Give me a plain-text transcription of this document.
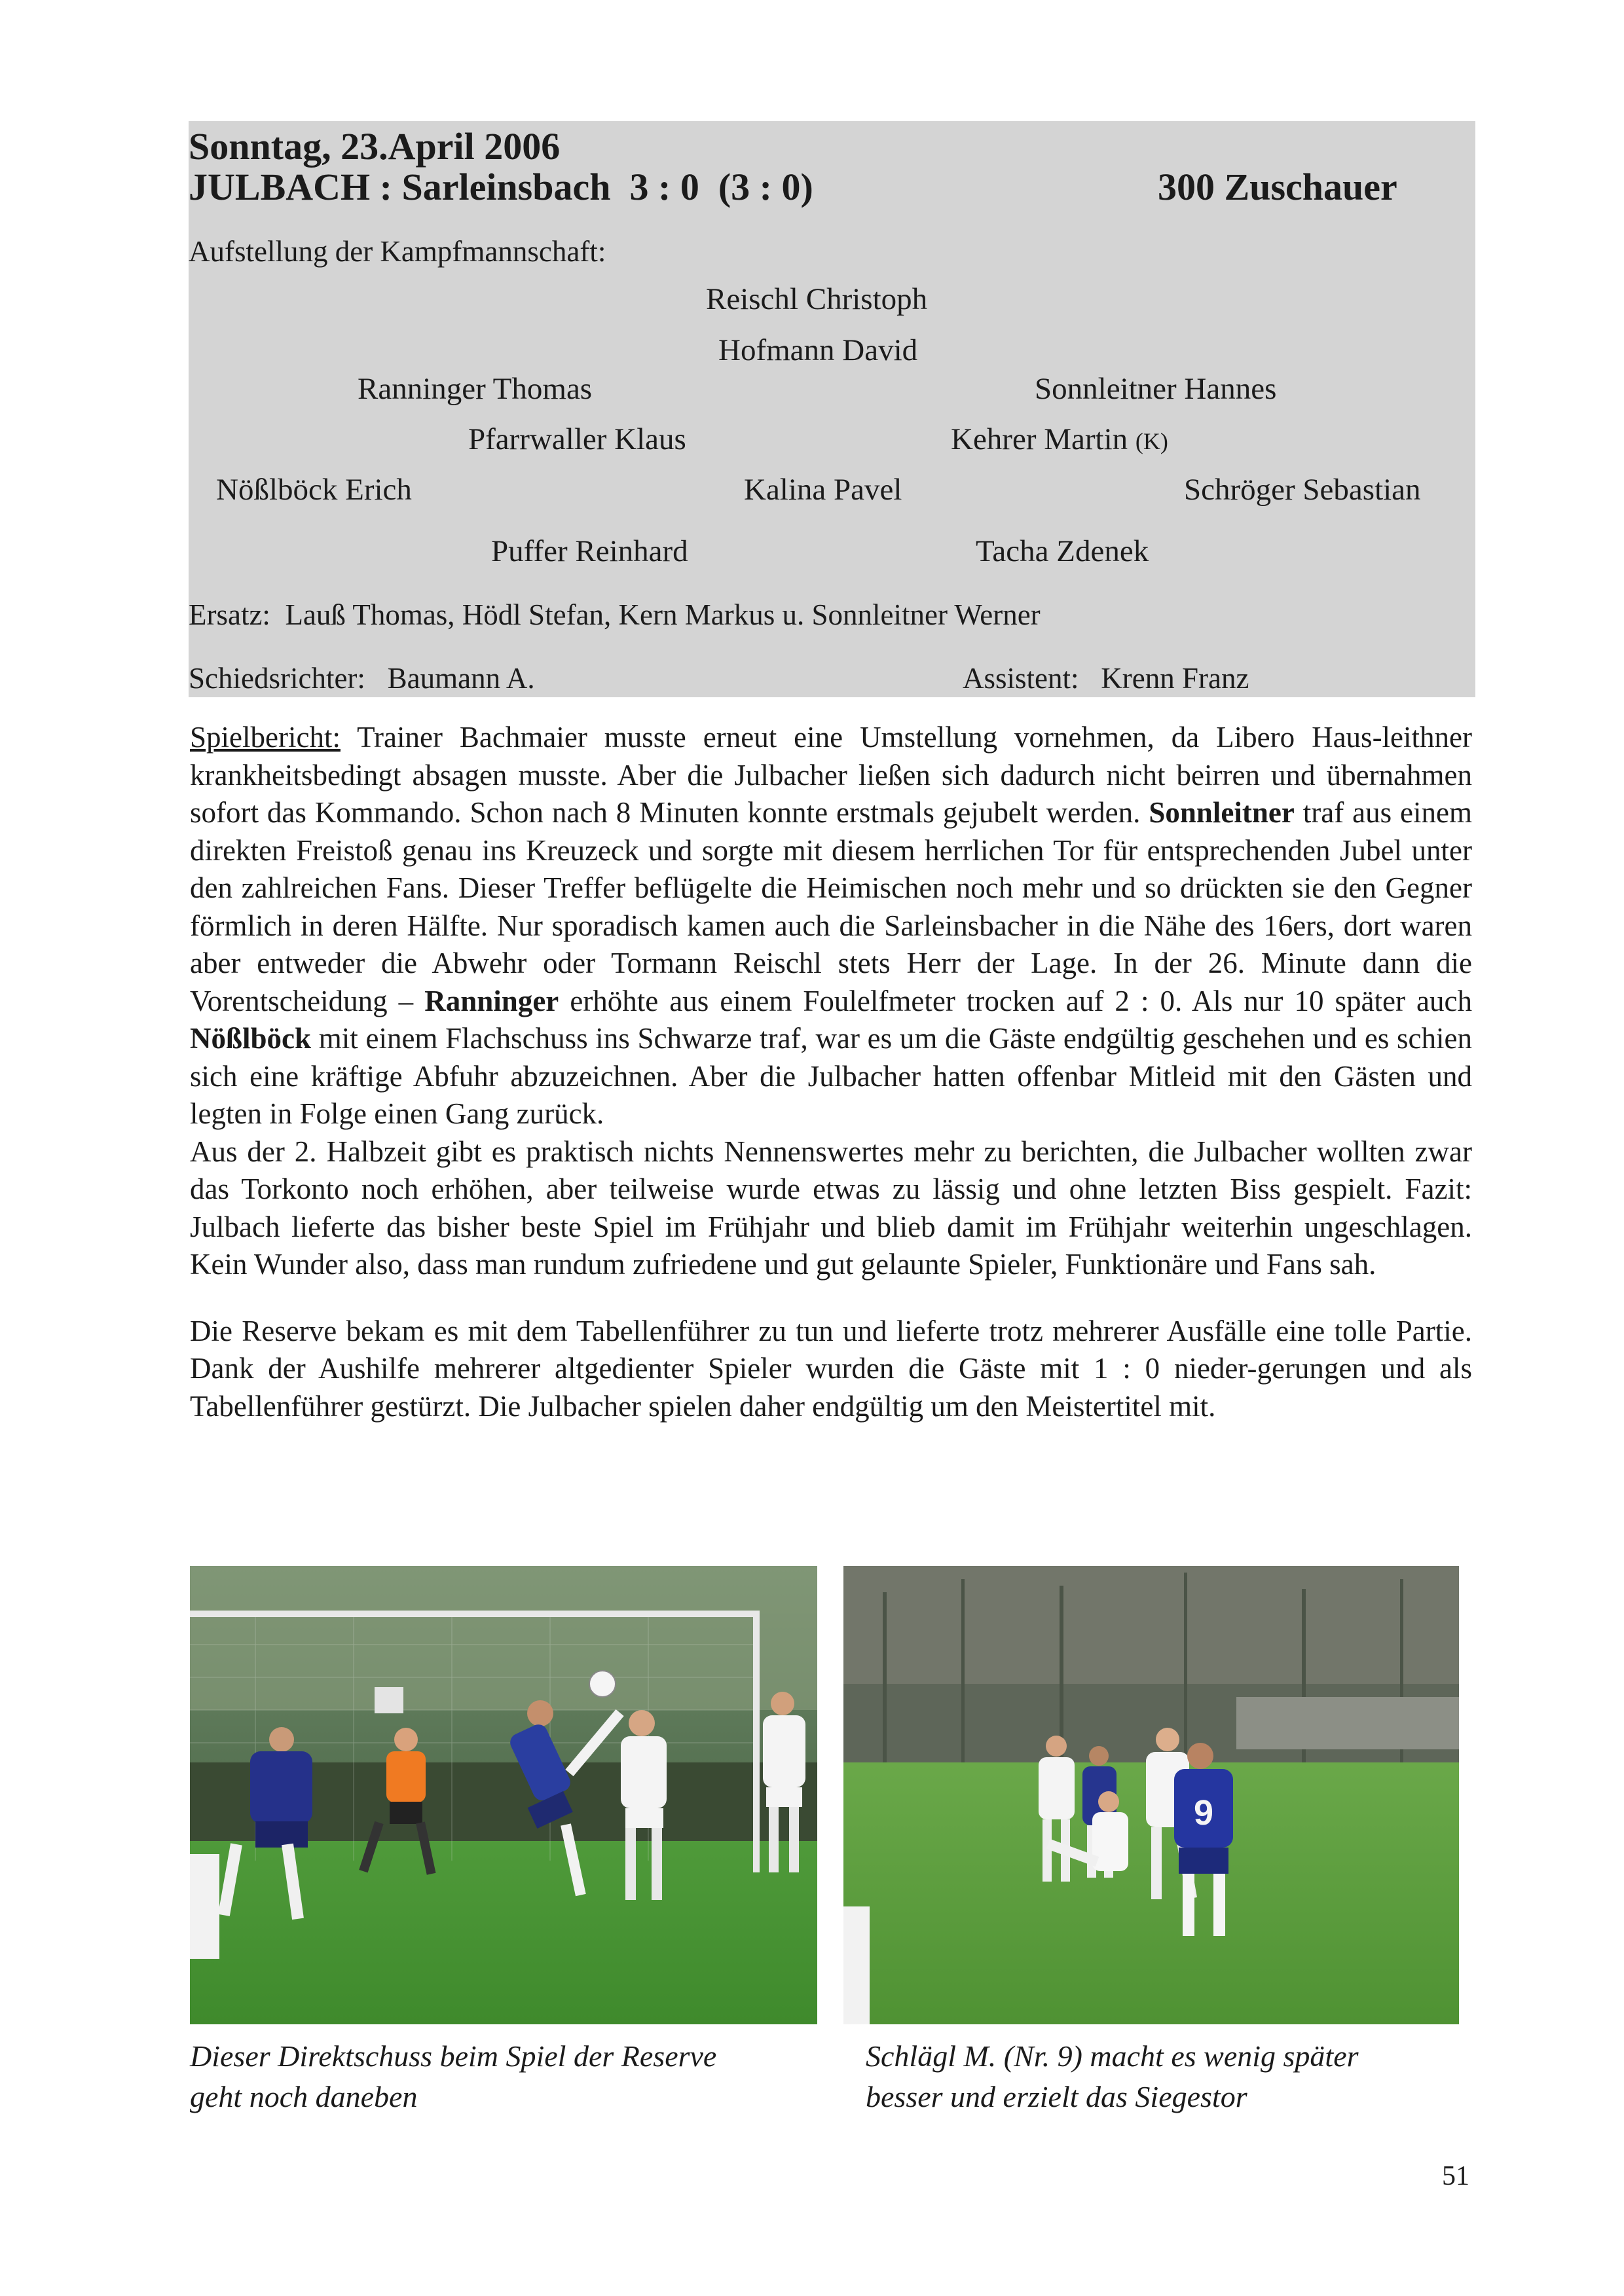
Sonntag, 23.April 2006
JULBACH : Sarleinsbach 3 : 0 (3 : 0)	300 Zuschauer
Aufstellung der Kampfmannschaft:
Reischl Christoph
Hofmann David
Ranninger Thomas	Sonnleitner Hannes
Pfarrwaller Klaus	Kehrer Martin (K)
Nößlböck Erich	Kalina Pavel	Schröger Sebastian
Puffer Reinhard	Tacha Zdenek
Ersatz: Lauß Thomas, Hödl Stefan, Kern Markus u. Sonnleitner Werner
Schiedsrichter: Baumann A.	Assistent: Krenn Franz

Spielbericht: Trainer Bachmaier musste erneut eine Umstellung vornehmen, da Libero Haus-leithner krankheitsbedingt absagen musste. Aber die Julbacher ließen sich dadurch nicht beirren und übernahmen sofort das Kommando. Schon nach 8 Minuten konnte erstmals gejubelt werden. Sonnleitner traf aus einem direkten Freistoß genau ins Kreuzeck und sorgte mit diesem herrlichen Tor für entsprechenden Jubel unter den zahlreichen Fans. Dieser Treffer beflügelte die Heimischen noch mehr und so drückten sie den Gegner förmlich in deren Hälfte. Nur sporadisch kamen auch die Sarleinsbacher in die Nähe des 16ers, dort waren aber entweder die Abwehr oder Tormann Reischl stets Herr der Lage. In der 26. Minute dann die Vorentscheidung – Ranninger erhöhte aus einem Foulelfmeter trocken auf 2 : 0. Als nur 10 später auch Nößlböck mit einem Flachschuss ins Schwarze traf, war es um die Gäste endgültig geschehen und es schien sich eine kräftige Abfuhr abzuzeichnen. Aber die Julbacher hatten offenbar Mitleid mit den Gästen und legten in Folge einen Gang zurück.

Aus der 2. Halbzeit gibt es praktisch nichts Nennenswertes mehr zu berichten, die Julbacher wollten zwar das Torkonto noch erhöhen, aber teilweise wurde etwas zu lässig und ohne letzten Biss gespielt. Fazit: Julbach lieferte das bisher beste Spiel im Frühjahr und blieb damit im Frühjahr weiterhin ungeschlagen. Kein Wunder also, dass man rundum zufriedene und gut gelaunte Spieler, Funktionäre und Fans sah.

Die Reserve bekam es mit dem Tabellenführer zu tun und lieferte trotz mehrerer Ausfälle eine tolle Partie. Dank der Aushilfe mehrerer altgedienter Spieler wurden die Gäste mit 1 : 0 nieder-gerungen und als Tabellenführer gestürzt. Die Julbacher spielen daher endgültig um den Meistertitel mit.

9
Dieser Direktschuss beim Spiel der Reserve
geht noch daneben
Schlägl M. (Nr. 9) macht es wenig später
besser und erzielt das Siegestor
51
